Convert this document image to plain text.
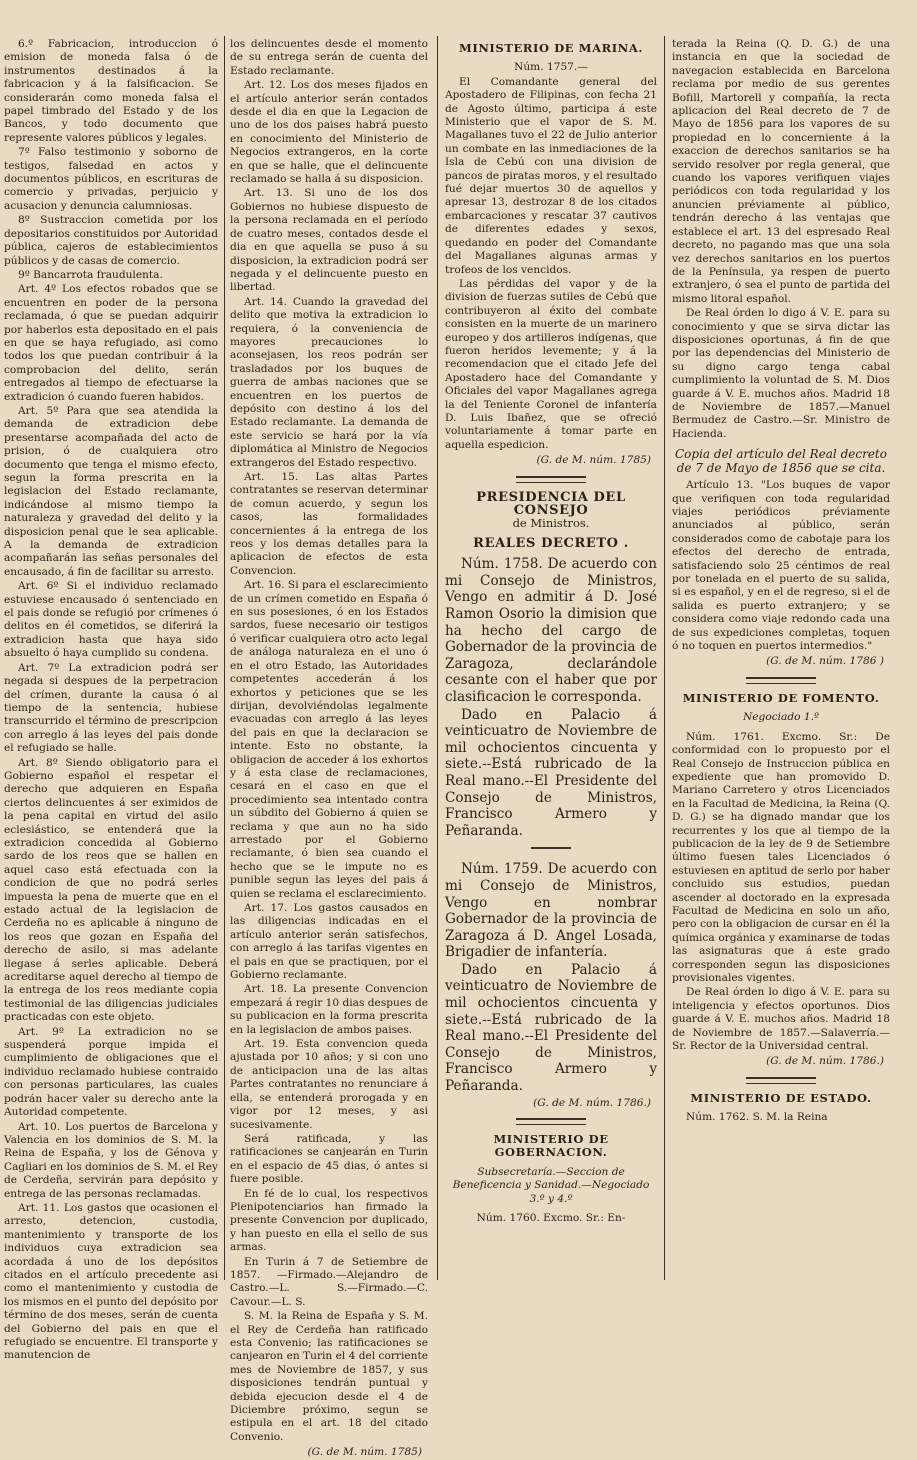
6.º Fabricacion, introduccion ó emision de moneda falsa ó de instrumentos destinados á la fabricacion y á la falsificacion. Se considerarán como moneda falsa el papel timbrado del Estado y de los Bancos, y todo documento que represente valores públicos y legales.

7º Falso testimonio y soborno de testigos, falsedad en actos y documentos públicos, en escrituras de comercio y privadas, perjuicio y acusacion y denuncia calumniosas.

8º Sustraccion cometida por los depositarios constituidos por Autoridad pública, cajeros de establecimientos públicos y de casas de comercio.

9º Bancarrota fraudulenta.

Art. 4º Los efectos robados que se encuentren en poder de la persona reclamada, ó que se puedan adquirir por haberlos esta depositado en el pais en que se haya refugiado, asi como todos los que puedan contribuir á la comprobacion del delito, serán entregados al tiempo de efectuarse la extradicion ó cuando fueren habidos.

Art. 5º Para que sea atendida la demanda de extradicion debe presentarse acompañada del acto de prision, ó de cualquiera otro documento que tenga el mismo efecto, segun la forma prescrita en la legislacion del Estado reclamante, indicándose al mismo tiempo la naturaleza y gravedad del delito y la disposicion penal que le sea aplicable. A la demanda de extradicion acompañarán las señas personales del encausado, á fin de facilitar su arresto.

Art. 6º Si el individuo reclamado estuviese encausado ó sentenciado en el pais donde se refugió por crímenes ó delitos en él cometidos, se diferirá la extradicion hasta que haya sido absuelto ó haya cumplido su condena.

Art. 7º La extradicion podrá ser negada si despues de la perpetracion del crímen, durante la causa ó al tiempo de la sentencia, hubiese transcurrido el término de prescripcion con arreglo á las leyes del pais donde el refugiado se halle.

Art. 8º Siendo obligatorio para el Gobierno español el respetar el derecho que adquieren en España ciertos delincuentes á ser eximidos de la pena capital en virtud del asilo eclesiástico, se entenderá que la extradicion concedida al Gobierno sardo de los reos que se hallen en aquel caso está efectuada con la condicion de que no podrá serles impuesta la pena de muerte que en el estado actual de la legislacion de Cerdeña no es aplicable á ninguno de los reos que gozan en España del derecho de asilo, si mas adelante llegase á serles aplicable. Deberá acreditarse aquel derecho al tiempo de la entrega de los reos mediante copia testimonial de las diligencias judiciales practicadas con este objeto.

Art. 9º La extradicion no se suspenderá porque impida el cumplimiento de obligaciones que el individuo reclamado hubiese contraido con personas particulares, las cuales podrán hacer valer su derecho ante la Autoridad competente.

Art. 10. Los puertos de Barcelona y Valencia en los dominios de S. M. la Reina de España, y los de Génova y Cagliari en los dominios de S. M. el Rey de Cerdeña, servirán para depósito y entrega de las personas reclamadas.

Art. 11. Los gastos que ocasionen el arresto, detencion, custodia, mantenimiento y transporte de los individuos cuya extradicion sea acordada á uno de los depósitos citados en el artículo precedente asi como el mantenimiento y custodia de los mismos en el punto del depósito por término de dos meses, serán de cuenta del Gobierno del pais en que el refugiado se encuentre. El transporte y manutencion de

los delincuentes desde el momento de su entrega serán de cuenta del Estado reclamante.

Art. 12. Los dos meses fijados en el artículo anterior serán contados desde el dia en que la Legacion de uno de los dos paises habrá puesto en conocimiento del Ministerio de Negocios extrangeros, en la corte en que se halle, que el delincuente reclamado se halla á su disposicion.

Art. 13. Si uno de los dos Gobiernos no hubiese dispuesto de la persona reclamada en el período de cuatro meses, contados desde el dia en que aquella se puso á su disposicion, la extradicion podrá ser negada y el delincuente puesto en libertad.

Art. 14. Cuando la gravedad del delito que motiva la extradicion lo requiera, ó la conveniencia de mayores precauciones lo aconsejasen, los reos podrán ser trasladados por los buques de guerra de ambas naciones que se encuentren en los puertos de depósito con destino á los del Estado reclamante. La demanda de este servicio se hará por la vía diplomática al Ministro de Negocios extrangeros del Estado respectivo.

Art. 15. Las altas Partes contratantes se reservan determinar de comun acuerdo, y segun los casos, las formalidades concernientes á la entrega de los reos y los demas detalles para la aplicacion de efectos de esta Convencion.

Art. 16. Si para el esclarecimiento de un crímen cometido en España ó en sus posesiones, ó en los Estados sardos, fuese necesario oir testigos ó verificar cualquiera otro acto legal de análoga naturaleza en el uno ó en el otro Estado, las Autoridades competentes accederán á los exhortos y peticiones que se les dirijan, devolviéndolas legalmente evacuadas con arreglo á las leyes del pais en que la declaracion se intente. Esto no obstante, la obligacion de acceder á los exhortos y á esta clase de reclamaciones, cesará en el caso en que el procedimiento sea intentado contra un súbdito del Gobierno á quien se reclama y que aun no ha sido arrestado por el Gobierno reclamante, ó bien sea cuando el hecho que se le impute no es punible segun las leyes del pais á quien se reclama el esclarecimiento.

Art. 17. Los gastos causados en las diligencias indicadas en el artículo anterior serán satisfechos, con arreglo á las tarifas vigentes en el pais en que se practiquen, por el Gobierno reclamante.

Art. 18. La presente Convencion empezará á regir 10 dias despues de su publicacion en la forma prescrita en la legislacion de ambos paises.

Art. 19. Esta convencion queda ajustada por 10 años; y si con uno de anticipacion una de las altas Partes contratantes no renunciare á ella, se entenderá prorogada y en vigor por 12 meses, y asi sucesivamente.

Será ratificada, y las ratificaciones se canjearán en Turin en el espacio de 45 dias, ó antes si fuere posible.

En fé de lo cual, los respectivos Plenipotenciarios han firmado la presente Convencion por duplicado, y han puesto en ella el sello de sus armas.

En Turin á 7 de Setiembre de 1857. —Firmado.—Alejandro de Castro.—L. S.—Firmado.—C. Cavour.—L. S.

S. M. la Reina de España y S. M. el Rey de Cerdeña han ratificado esta Convenio; las ratificaciones se canjearon en Turin el 4 del corriente mes de Noviembre de 1857, y sus disposiciones tendrán puntual y debida ejecucion desde el 4 de Diciembre próximo, segun se estipula en el art. 18 del citado Convenio.

(G. de M. núm. 1785)
MINISTERIO DE MARINA.

Núm. 1757.—

El Comandante general del Apostadero de Filipinas, con fecha 21 de Agosto último, participa á este Ministerio que el vapor de S. M. Magallanes tuvo el 22 de Julio anterior un combate en las inmediaciones de la Isla de Cebú con una division de pancos de piratas moros, y el resultado fué dejar muertos 30 de aquellos y apresar 13, destrozar 8 de los citados embarcaciones y rescatar 37 cautivos de diferentes edades y sexos, quedando en poder del Comandante del Magallanes algunas armas y trofeos de los vencidos.

Las pérdidas del vapor y de la division de fuerzas sutiles de Cebú que contribuyeron al éxito del combate consisten en la muerte de un marinero europeo y dos artilleros indígenas, que fueron heridos levemente; y á la recomendacion que el citado Jefe del Apostadero hace del Comandante y Oficiales del vapor Magallanes agrega la del Teniente Coronel de infantería D. Luis Ibañez, que se ofreció voluntariamente á tomar parte en aquella espedicion.

(G. de M. núm. 1785)
PRESIDENCIA DEL CONSEJO
de Ministros.
REALES DECRETO .

Núm. 1758. De acuerdo con mi Consejo de Ministros, Vengo en admitir á D. José Ramon Osorio la dimision que ha hecho del cargo de Gobernador de la provincia de Zaragoza, declarándole cesante con el haber que por clasificacion le corresponda.

Dado en Palacio á veinticuatro de Noviembre de mil ochocientos cincuenta y siete.--Está rubricado de la Real mano.--El Presidente del Consejo de Ministros, Francisco Armero y Peñaranda.

Núm. 1759. De acuerdo con mi Consejo de Ministros, Vengo en nombrar Gobernador de la provincia de Zaragoza á D. Angel Losada, Brigadier de infantería.

Dado en Palacio á veinticuatro de Noviembre de mil ochocientos cincuenta y siete.--Está rubricado de la Real mano.--El Presidente del Consejo de Ministros, Francisco Armero y Peñaranda.

(G. de M. núm. 1786.)
MINISTERIO DE GOBERNACION.
Subsecretaría.—Seccion de Beneficencia y Sanidad.—Negociado 3.º y 4.º

Núm. 1760. Excmo. Sr.: En-

terada la Reina (Q. D. G.) de una instancia en que la sociedad de navegacion establecida en Barcelona reclama por medio de sus gerentes Bofill, Martorell y compañía, la recta aplicacion del Real decreto de 7 de Mayo de 1856 para los vapores de su propiedad en lo concerniente á la exaccion de derechos sanitarios se ha servido resolver por regla general, que cuando los vapores verifiquen viajes periódicos con toda regularidad y los anuncien préviamente al público, tendrán derecho á las ventajas que establece el art. 13 del espresado Real decreto, no pagando mas que una sola vez derechos sanitarios en los puertos de la Península, ya respen de puerto extranjero, ó sea el punto de partida del mismo litoral español.

De Real órden lo digo á V. E. para su conocimiento y que se sirva dictar las disposiciones oportunas, á fin de que por las dependencias del Ministerio de su digno cargo tenga cabal cumplimiento la voluntad de S. M. Dios guarde á V. E. muchos años. Madrid 18 de Noviembre de 1857.—Manuel Bermudez de Castro.—Sr. Ministro de Hacienda.

Copia del artículo del Real decreto de 7 de Mayo de 1856 que se cita.

Artículo 13. "Los buques de vapor que verifiquen con toda regularidad viajes periódicos préviamente anunciados al público, serán considerados como de cabotaje para los efectos del derecho de entrada, satisfaciendo solo 25 céntimos de real por tonelada en el puerto de su salida, si es español, y en el de regreso, si el de salida es puerto extranjero; y se considera como viaje redondo cada una de sus expediciones completas, toquen ó no toquen en puertos intermedios."

(G. de M. núm. 1786 )
MINISTERIO DE FOMENTO.
Negociado 1.º

Núm. 1761. Excmo. Sr.: De conformidad con lo propuesto por el Real Consejo de Instruccion pública en expediente que han promovido D. Mariano Carretero y otros Licenciados en la Facultad de Medicina, la Reina (Q. D. G.) se ha dignado mandar que los recurrentes y los que al tiempo de la publicacion de la ley de 9 de Setiembre último fuesen tales Licenciados ó estuviesen en aptitud de serlo por haber concluido sus estudios, puedan ascender al doctorado en la expresada Facultad de Medicina en solo un año, pero con la obligacion de cursar en él la química orgánica y examinarse de todas las asignaturas que á este grado corresponden segun las disposiciones provisionales vigentes.

De Real órden lo digo á V. E. para su inteligencia y efectos oportunos. Dios guarde á V. E. muchos años. Madrid 18 de Noviembre de 1857.—Salaverría.—Sr. Rector de la Universidad central.

(G. de M. núm. 1786.)
MINISTERIO DE ESTADO.

Núm. 1762. S. M. la Reina
